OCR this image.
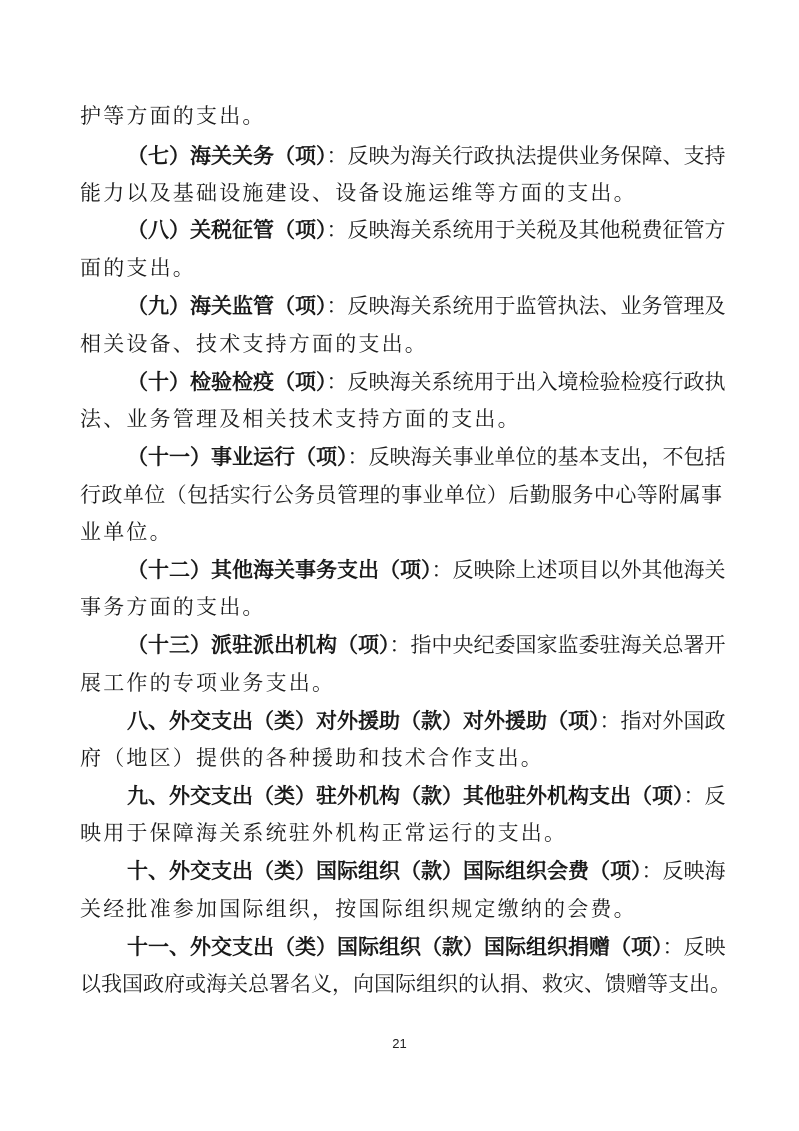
护等方面的支出。
（七）海关关务（项）：反映为海关行政执法提供业务保障、支持
能力以及基础设施建设、设备设施运维等方面的支出。
（八）关税征管（项）：反映海关系统用于关税及其他税费征管方
面的支出。
（九）海关监管（项）：反映海关系统用于监管执法、业务管理及
相关设备、技术支持方面的支出。
（十）检验检疫（项）：反映海关系统用于出入境检验检疫行政执
法、业务管理及相关技术支持方面的支出。
（十一）事业运行（项）：反映海关事业单位的基本支出，不包括
行政单位（包括实行公务员管理的事业单位）后勤服务中心等附属事
业单位。
（十二）其他海关事务支出（项）：反映除上述项目以外其他海关
事务方面的支出。
（十三）派驻派出机构（项）：指中央纪委国家监委驻海关总署开
展工作的专项业务支出。
八、外交支出（类）对外援助（款）对外援助（项）：指对外国政
府（地区）提供的各种援助和技术合作支出。
九、外交支出（类）驻外机构（款）其他驻外机构支出（项）：反
映用于保障海关系统驻外机构正常运行的支出。
十、外交支出（类）国际组织（款）国际组织会费（项）：反映海
关经批准参加国际组织，按国际组织规定缴纳的会费。
十一、外交支出（类）国际组织（款）国际组织捐赠（项）：反映
以我国政府或海关总署名义，向国际组织的认捐、救灾、馈赠等支出。
21
